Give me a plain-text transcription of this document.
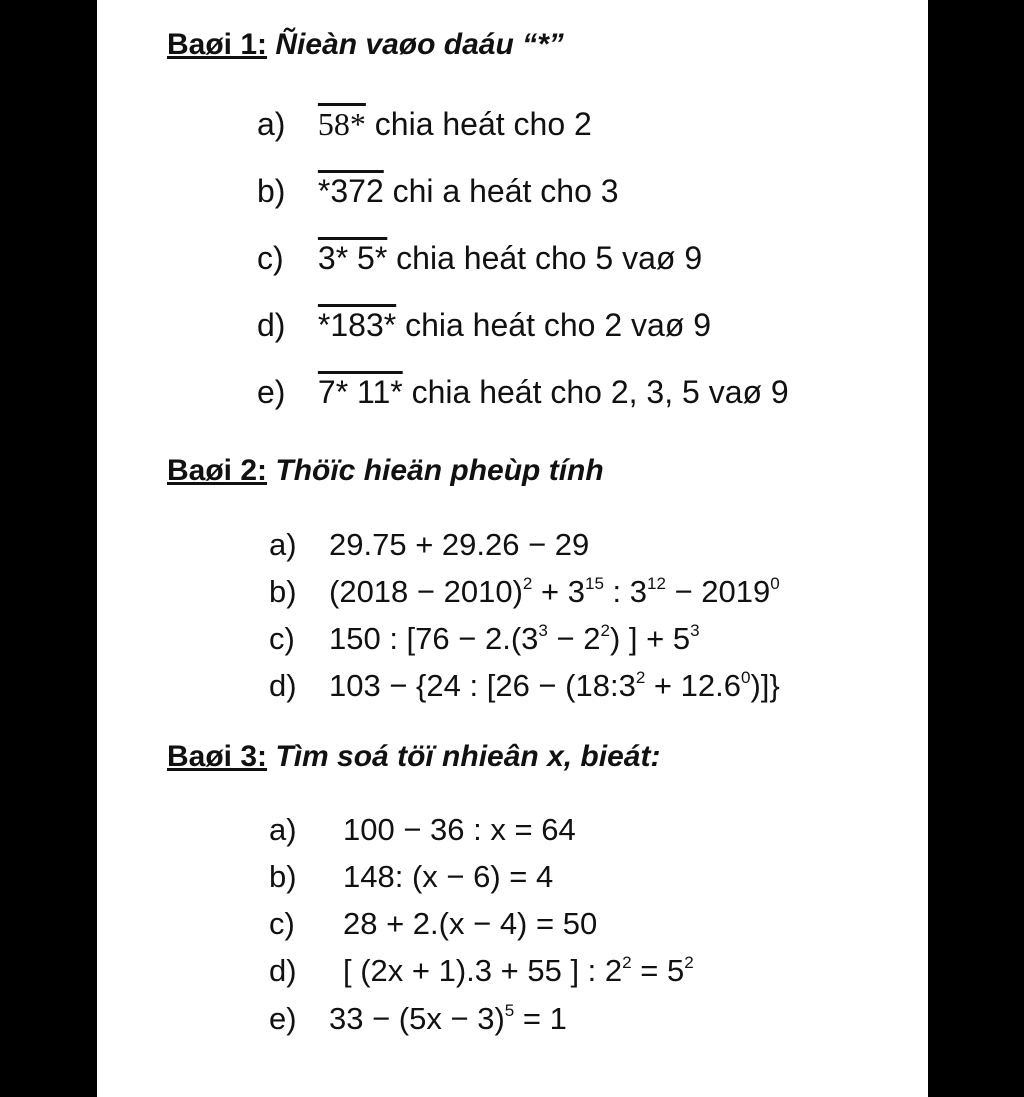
Baøi 1: Ñieàn vaøo daáu “*”
a) 58* chia heát cho 2
b) *372 chi a heát cho 3
c) 3* 5* chia heát cho 5 vaø 9
d) *183* chia heát cho 2 vaø 9
e) 7* 11* chia heát cho 2, 3, 5 vaø 9
Baøi 2: Thöïc hieän pheùp tính
a) 29.75 + 29.26 − 29
b) $(2018 - 2010)^2 + 3^{15}$ : $3^{12} - 2019^0$
c) 150 : [$76 - 2.(3^3 - 2^2)$ ] + $5^3$
d) 103 − {24 : $[26 - (18:3^2 + 12.6^0)]$}
Baøi 3: Tìm soá töï nhieân x, bieát:
a) 100 − 36 : x = 64
b) 148: (x − 6) = 4
c) 28 + 2.(x − 4) = 50
d) [ (2x + 1).3 + 55 ] : $2^2 = 5^2$
e) $33 - (5x - 3)^5 = 1$
